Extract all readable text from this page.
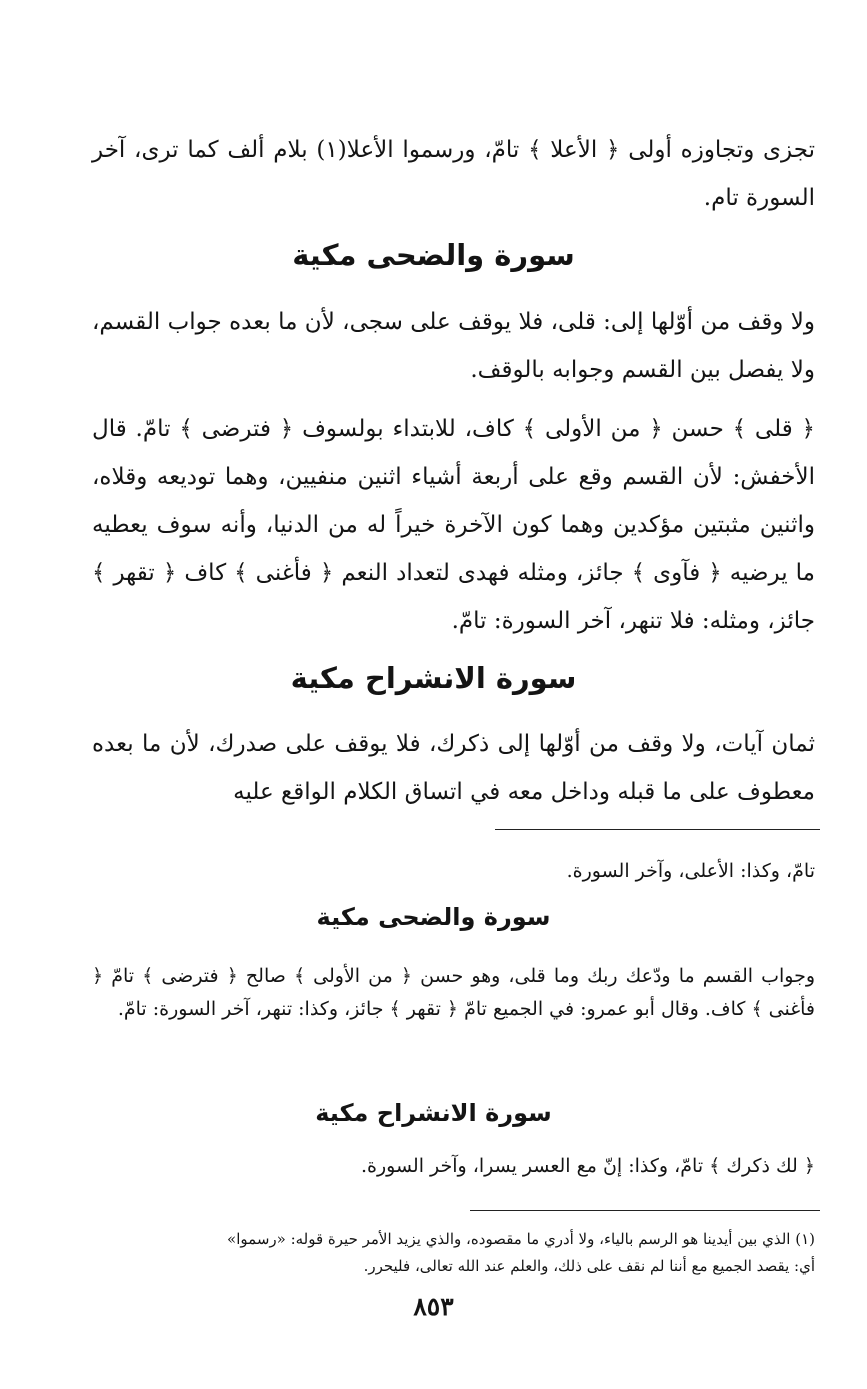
تجزى وتجاوزه أولى ﴿ الأعلا ﴾ تامّ، ورسموا الأعلا(١) بلام ألف كما ترى، آخر السورة تام.

سورة والضحى مكية

ولا وقف من أوّلها إلى: قلى، فلا يوقف على سجى، لأن ما بعده جواب القسم، ولا يفصل بين القسم وجوابه بالوقف.

﴿ قلى ﴾ حسن ﴿ من الأولى ﴾ كاف، للابتداء بولسوف ﴿ فترضى ﴾ تامّ. قال الأخفش: لأن القسم وقع على أربعة أشياء اثنين منفيين، وهما توديعه وقلاه، واثنين مثبتين مؤكدين وهما كون الآخرة خيراً له من الدنيا، وأنه سوف يعطيه ما يرضيه ﴿ فآوى ﴾ جائز، ومثله فهدى لتعداد النعم ﴿ فأغنى ﴾ كاف ﴿ تقهر ﴾ جائز، ومثله: فلا تنهر، آخر السورة: تامّ.

سورة الانشراح مكية

ثمان آيات، ولا وقف من أوّلها إلى ذكرك، فلا يوقف على صدرك، لأن ما بعده معطوف على ما قبله وداخل معه في اتساق الكلام الواقع عليه

تامّ، وكذا: الأعلى، وآخر السورة.

سورة والضحى مكية

وجواب القسم ما ودّعك ربك وما قلى، وهو حسن ﴿ من الأولى ﴾ صالح ﴿ فترضى ﴾ تامّ ﴿ فأغنى ﴾ كاف. وقال أبو عمرو: في الجميع تامّ ﴿ تقهر ﴾ جائز، وكذا: تنهر، آخر السورة: تامّ.

سورة الانشراح مكية

﴿ لك ذكرك ﴾ تامّ، وكذا: إنّ مع العسر يسرا، وآخر السورة.

(١) الذي بين أيدينا هو الرسم بالياء، ولا أدري ما مقصوده، والذي يزيد الأمر حيرة قوله: «رسموا»

أي: يقصد الجميع مع أننا لم نقف على ذلك، والعلم عند الله تعالى، فليحرر.

٨٥٣
